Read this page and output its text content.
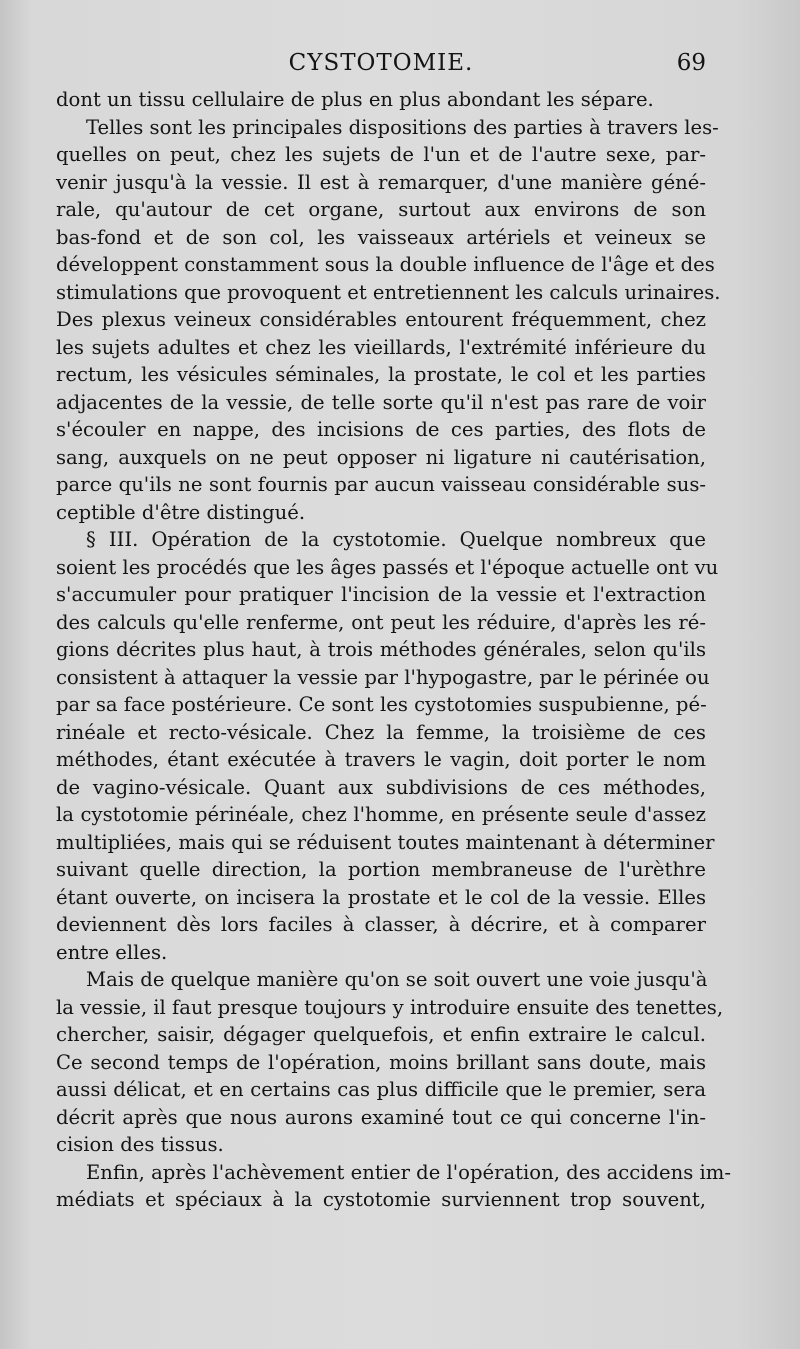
CYSTOTOMIE.	69
dont un tissu cellulaire de plus en plus abondant les sépare.
Telles sont les principales dispositions des parties à travers les-
quelles on peut, chez les sujets de l'un et de l'autre sexe, par-
venir jusqu'à la vessie. Il est à remarquer, d'une manière géné-
rale, qu'autour de cet organe, surtout aux environs de son
bas-fond et de son col, les vaisseaux artériels et veineux se
développent constamment sous la double influence de l'âge et des
stimulations que provoquent et entretiennent les calculs urinaires.
Des plexus veineux considérables entourent fréquemment, chez
les sujets adultes et chez les vieillards, l'extrémité inférieure du
rectum, les vésicules séminales, la prostate, le col et les parties
adjacentes de la vessie, de telle sorte qu'il n'est pas rare de voir
s'écouler en nappe, des incisions de ces parties, des flots de
sang, auxquels on ne peut opposer ni ligature ni cautérisation,
parce qu'ils ne sont fournis par aucun vaisseau considérable sus-
ceptible d'être distingué.
§ III. Opération de la cystotomie. Quelque nombreux que
soient les procédés que les âges passés et l'époque actuelle ont vu
s'accumuler pour pratiquer l'incision de la vessie et l'extraction
des calculs qu'elle renferme, ont peut les réduire, d'après les ré-
gions décrites plus haut, à trois méthodes générales, selon qu'ils
consistent à attaquer la vessie par l'hypogastre, par le périnée ou
par sa face postérieure. Ce sont les cystotomies suspubienne, pé-
rinéale et recto-vésicale. Chez la femme, la troisième de ces
méthodes, étant exécutée à travers le vagin, doit porter le nom
de vagino-vésicale. Quant aux subdivisions de ces méthodes,
la cystotomie périnéale, chez l'homme, en présente seule d'assez
multipliées, mais qui se réduisent toutes maintenant à déterminer
suivant quelle direction, la portion membraneuse de l'urèthre
étant ouverte, on incisera la prostate et le col de la vessie. Elles
deviennent dès lors faciles à classer, à décrire, et à comparer
entre elles.
Mais de quelque manière qu'on se soit ouvert une voie jusqu'à
la vessie, il faut presque toujours y introduire ensuite des tenettes,
chercher, saisir, dégager quelquefois, et enfin extraire le calcul.
Ce second temps de l'opération, moins brillant sans doute, mais
aussi délicat, et en certains cas plus difficile que le premier, sera
décrit après que nous aurons examiné tout ce qui concerne l'in-
cision des tissus.
Enfin, après l'achèvement entier de l'opération, des accidens im-
médiats et spéciaux à la cystotomie surviennent trop souvent,
